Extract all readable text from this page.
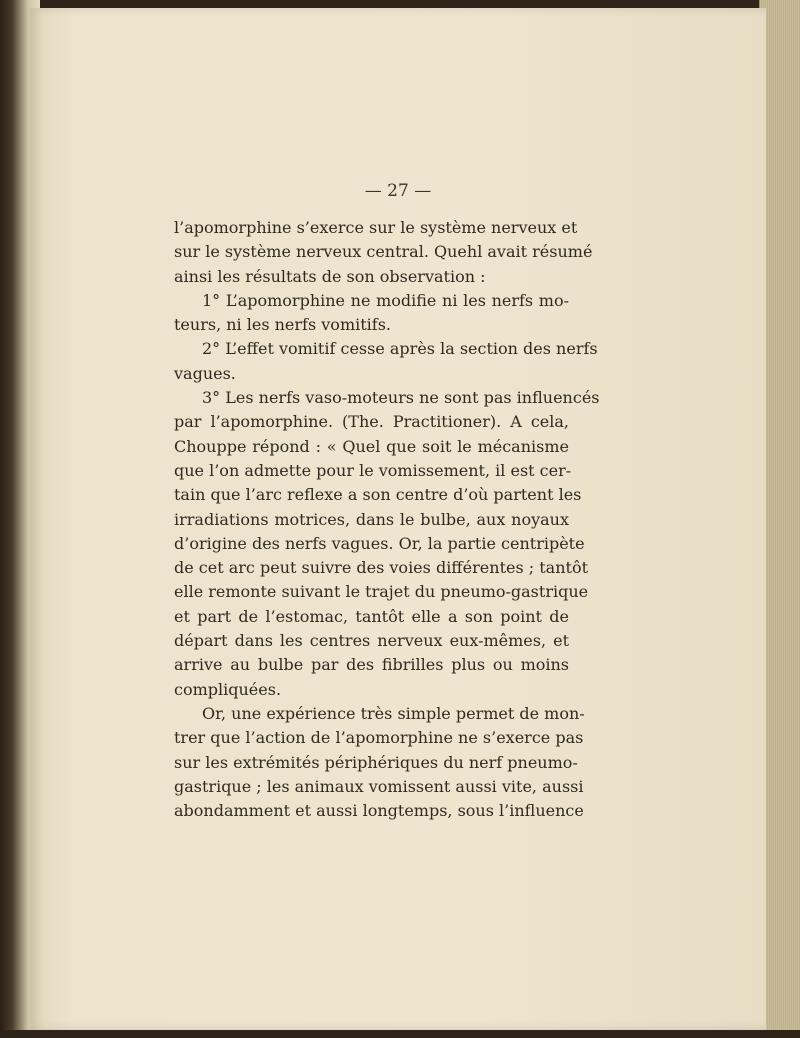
— 27 —
l’apomorphine s’exerce sur le système nerveux et
sur le système nerveux central. Quehl avait résumé
ainsi les résultats de son observation :
1° L’apomorphine ne modifie ni les nerfs mo-
teurs, ni les nerfs vomitifs.
2° L’effet vomitif cesse après la section des nerfs
vagues.
3° Les nerfs vaso-moteurs ne sont pas influencés
par l’apomorphine. (The. Practitioner). A cela,
Chouppe répond : « Quel que soit le mécanisme
que l’on admette pour le vomissement, il est cer-
tain que l’arc reflexe a son centre d’où partent les
irradiations motrices, dans le bulbe, aux noyaux
d’origine des nerfs vagues. Or, la partie centripète
de cet arc peut suivre des voies différentes ; tantôt
elle remonte suivant le trajet du pneumo-gastrique
et part de l’estomac, tantôt elle a son point de
départ dans les centres nerveux eux-mêmes, et
arrive au bulbe par des fibrilles plus ou moins
compliquées.
Or, une expérience très simple permet de mon-
trer que l’action de l’apomorphine ne s’exerce pas
sur les extrémités périphériques du nerf pneumo-
gastrique ; les animaux vomissent aussi vite, aussi
abondamment et aussi longtemps, sous l’influence
